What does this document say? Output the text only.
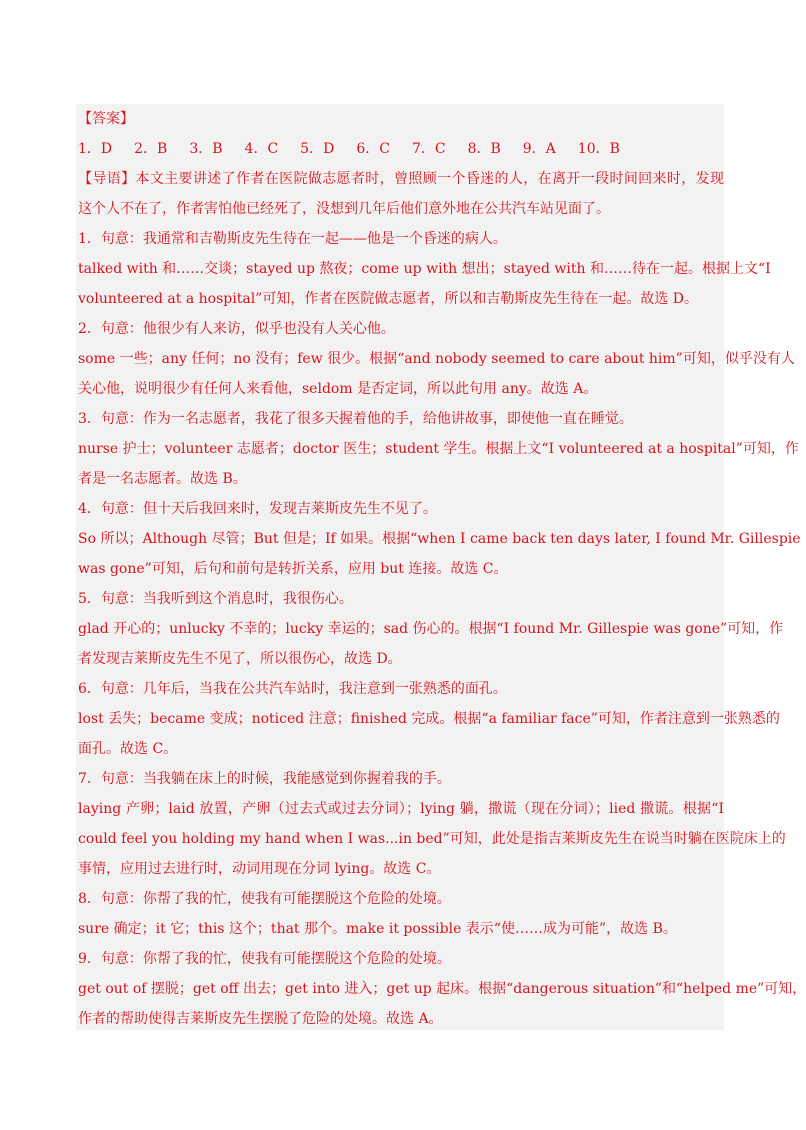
【答案】
1．D 2．B 3．B 4．C 5．D 6．C 7．C 8．B 9．A 10．B
【导语】本文主要讲述了作者在医院做志愿者时，曾照顾一个昏迷的人，在离开一段时间回来时，发现
这个人不在了，作者害怕他已经死了，没想到几年后他们意外地在公共汽车站见面了。
1．句意：我通常和吉勒斯皮先生待在一起——他是一个昏迷的病人。
talked with 和……交谈；stayed up 熬夜；come up with 想出；stayed with 和……待在一起。根据上文“I
volunteered at a hospital”可知，作者在医院做志愿者，所以和吉勒斯皮先生待在一起。故选 D。
2．句意：他很少有人来访，似乎也没有人关心他。
some 一些；any 任何；no 没有；few 很少。根据“and nobody seemed to care about him”可知，似乎没有人
关心他，说明很少有任何人来看他，seldom 是否定词，所以此句用 any。故选 A。
3．句意：作为一名志愿者，我花了很多天握着他的手，给他讲故事，即使他一直在睡觉。
nurse 护士；volunteer 志愿者；doctor 医生；student 学生。根据上文“I volunteered at a hospital”可知，作
者是一名志愿者。故选 B。
4．句意：但十天后我回来时，发现吉莱斯皮先生不见了。
So 所以；Although 尽管；But 但是；If 如果。根据“when I came back ten days later, I found Mr. Gillespie
was gone”可知，后句和前句是转折关系，应用 but 连接。故选 C。
5．句意：当我听到这个消息时，我很伤心。
glad 开心的；unlucky 不幸的；lucky 幸运的；sad 伤心的。根据“I found Mr. Gillespie was gone”可知，作
者发现吉莱斯皮先生不见了，所以很伤心，故选 D。
6．句意：几年后，当我在公共汽车站时，我注意到一张熟悉的面孔。
lost 丢失；became 变成；noticed 注意；finished 完成。根据“a familiar face”可知，作者注意到一张熟悉的
面孔。故选 C。
7．句意：当我躺在床上的时候，我能感觉到你握着我的手。
laying 产卵；laid 放置，产卵（过去式或过去分词）；lying 躺，撒谎（现在分词）；lied 撒谎。根据“I
could feel you holding my hand when I was...in bed”可知，此处是指吉莱斯皮先生在说当时躺在医院床上的
事情，应用过去进行时，动词用现在分词 lying。故选 C。
8．句意：你帮了我的忙，使我有可能摆脱这个危险的处境。
sure 确定；it 它；this 这个；that 那个。make it possible 表示“使……成为可能”，故选 B。
9．句意：你帮了我的忙，使我有可能摆脱这个危险的处境。
get out of 摆脱；get off 出去；get into 进入；get up 起床。根据“dangerous situation”和“helped me”可知，
作者的帮助使得吉莱斯皮先生摆脱了危险的处境。故选 A。
